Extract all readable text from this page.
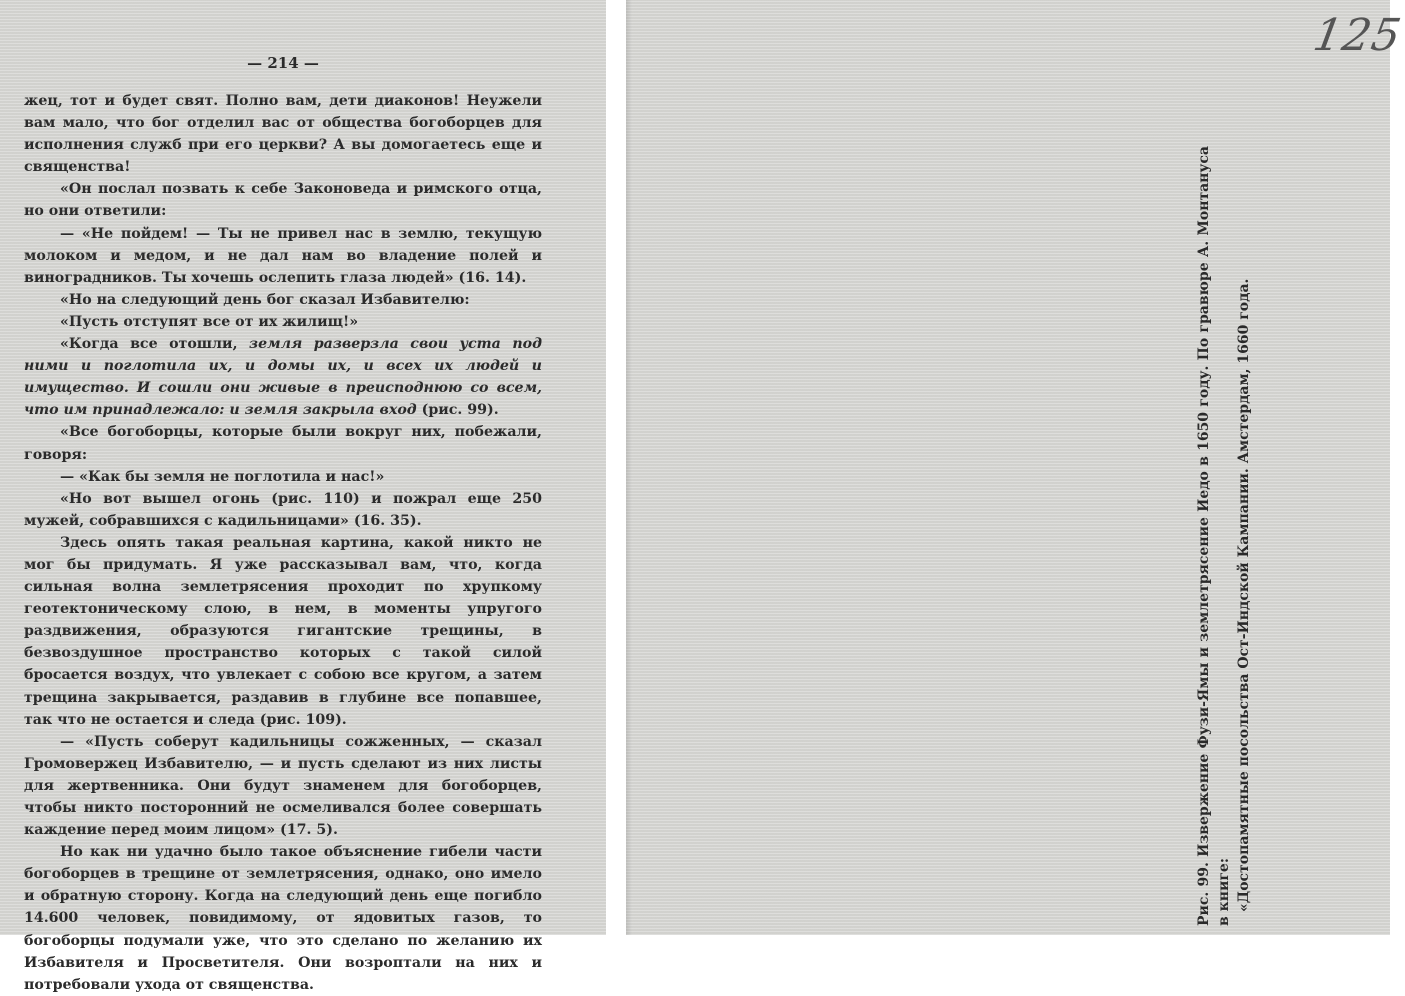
— 214 —

жец, тот и будет свят. Полно вам, дети диаконов! Неужели вам мало, что бог отделил вас от общества богоборцев для исполнения служб при его церкви? А вы домогаетесь еще и священства!

«Он послал позвать к себе Законоведа и римского отца, но они ответили:

— «Не пойдем! — Ты не привел нас в землю, текущую молоком и медом, и не дал нам во владение полей и виноградников. Ты хочешь ослепить глаза людей» (16. 14).

«Но на следующий день бог сказал Избавителю:

«Пусть отступят все от их жилищ!»

«Когда все отошли, земля разверзла свои уста под ними и поглотила их, и домы их, и всех их людей и имущество. И сошли они живые в преисподнюю со всем, что им принадлежало: и земля закрыла вход (рис. 99).

«Все богоборцы, которые были вокруг них, побежали, говоря:

— «Как бы земля не поглотила и нас!»

«Но вот вышел огонь (рис. 110) и пожрал еще 250 мужей, собравшихся с кадильницами» (16. 35).

Здесь опять такая реальная картина, какой никто не мог бы придумать. Я уже рассказывал вам, что, когда сильная волна землетрясения проходит по хрупкому геотектоническому слою, в нем, в моменты упругого раздвижения, образуются гигантские трещины, в безвоздушное пространство которых с такой силой бросается воздух, что увлекает с собою все кругом, а затем трещина закрывается, раздавив в глубине все попавшее, так что не остается и следа (рис. 109).

— «Пусть соберут кадильницы сожженных, — сказал Громовержец Избавителю, — и пусть сделают из них листы для жертвенника. Они будут знаменем для богоборцев, чтобы никто посторонний не осмеливался более совершать каждение перед моим лицом» (17. 5).

Но как ни удачно было такое объяснение гибели части богоборцев в трещине от землетрясения, однако, оно имело и обратную сторону. Когда на следующий день еще погибло 14.600 человек, повидимому, от ядовитых газов, то богоборцы подумали уже, что это сделано по желанию их Избавителя и Просветителя. Они возроптали на них и потребовали ухода от священства.

125

Рис. 99. Извержение Фузи-Ямы и землетрясение Иедо в 1650 году. По гравюре А. Монтануса в книге: «Достопамятные посольства Ост-Индской Кампании. Амстердам, 1660 года.
